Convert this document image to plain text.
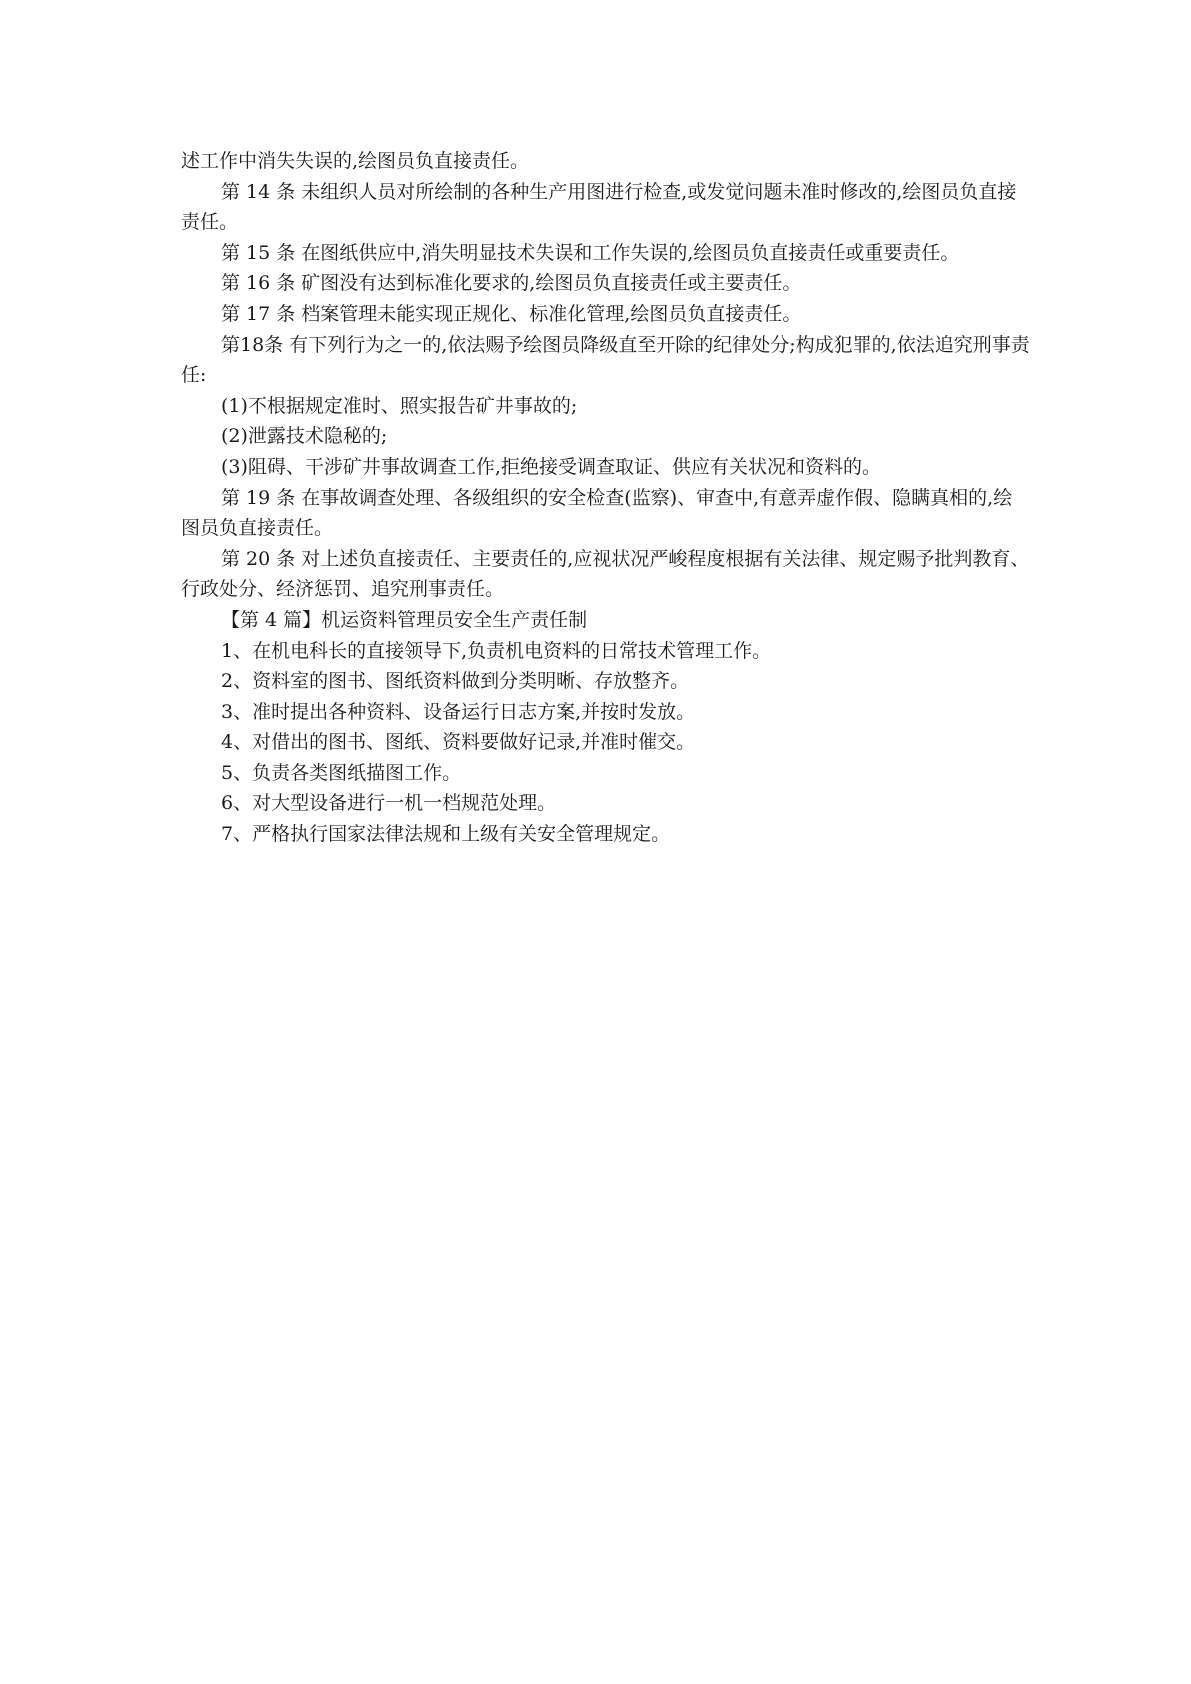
述工作中消失失误的,绘图员负直接责任。

第 14 条 未组织人员对所绘制的各种生产用图进行检查,或发觉问题未准时修改的,绘图员负直接责任。

第 15 条 在图纸供应中,消失明显技术失误和工作失误的,绘图员负直接责任或重要责任。

第 16 条 矿图没有达到标准化要求的,绘图员负直接责任或主要责任。

第 17 条 档案管理未能实现正规化、标准化管理,绘图员负直接责任。

第18条 有下列行为之一的,依法赐予绘图员降级直至开除的纪律处分;构成犯罪的,依法追究刑事责任:

(1)不根据规定准时、照实报告矿井事故的;

(2)泄露技术隐秘的;

(3)阻碍、干涉矿井事故调查工作,拒绝接受调查取证、供应有关状况和资料的。

第 19 条 在事故调查处理、各级组织的安全检查(监察)、审查中,有意弄虚作假、隐瞒真相的,绘图员负直接责任。

第 20 条 对上述负直接责任、主要责任的,应视状况严峻程度根据有关法律、规定赐予批判教育、行政处分、经济惩罚、追究刑事责任。

【第 4 篇】机运资料管理员安全生产责任制

1、在机电科长的直接领导下,负责机电资料的日常技术管理工作。

2、资料室的图书、图纸资料做到分类明晰、存放整齐。

3、准时提出各种资料、设备运行日志方案,并按时发放。

4、对借出的图书、图纸、资料要做好记录,并准时催交。

5、负责各类图纸描图工作。

6、对大型设备进行一机一档规范处理。

7、严格执行国家法律法规和上级有关安全管理规定。
